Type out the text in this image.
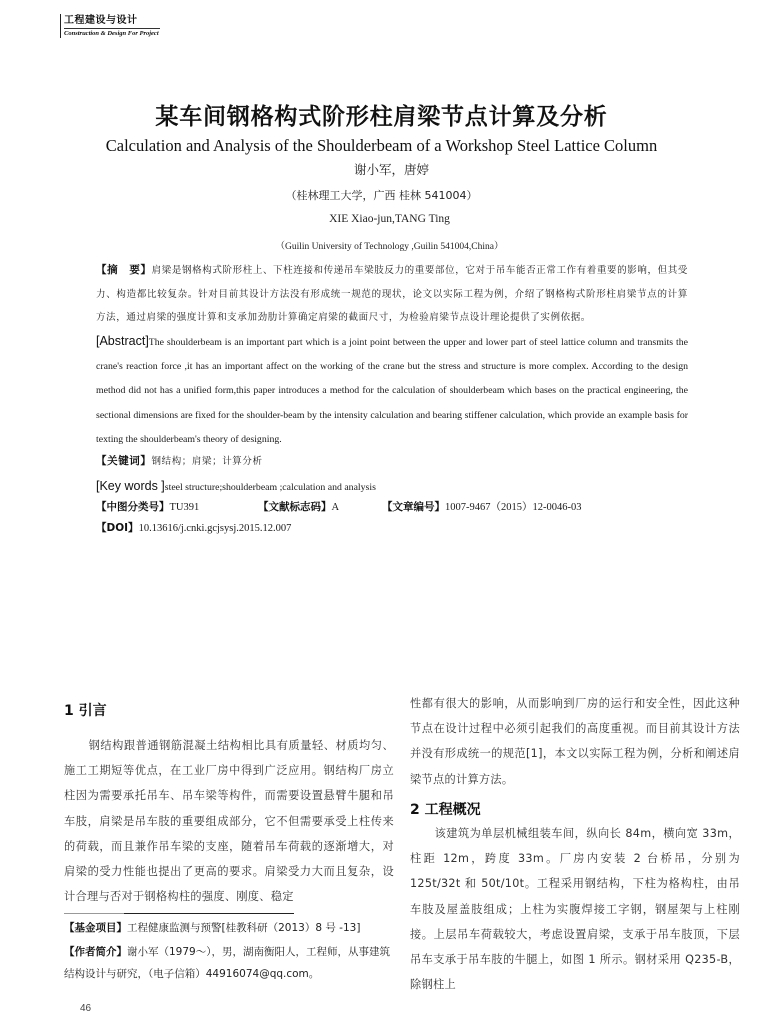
工程建设与设计
Construction & Design For Project
某车间钢格构式阶形柱肩梁节点计算及分析
Calculation and Analysis of the Shoulderbeam of a Workshop Steel Lattice Column
谢小军，唐婷
（桂林理工大学，广西 桂林 541004）
XIE Xiao-jun,TANG Ting
（Guilin University of Technology ,Guilin 541004,China）
【摘　要】肩梁是钢格构式阶形柱上、下柱连接和传递吊车梁肢反力的重要部位，它对于吊车能否正常工作有着重要的影响，但其受力、构造都比较复杂。针对目前其设计方法没有形成统一规范的现状，论文以实际工程为例，介绍了钢格构式阶形柱肩梁节点的计算方法，通过肩梁的强度计算和支承加劲肋计算确定肩梁的截面尺寸，为检验肩梁节点设计理论提供了实例依据。
[Abstract]The shoulderbeam is an important part which is a joint point between the upper and lower part of steel lattice column and transmits the crane's reaction force ,it has an important affect on the working of the crane but the stress and structure is more complex. According to the design method did not has a unified form,this paper introduces a method for the calculation of shoulderbeam which bases on the practical engineering, the sectional dimensions are fixed for the shoulder-beam by the intensity calculation and bearing stiffener calculation, which provide an example basis for texting the shoulderbeam's theory of designing.
【关键词】钢结构；肩梁；计算分析
[Key words ]steel structure;shoulderbeam ;calculation and analysis
【中图分类号】TU391	【文献标志码】A	【文章编号】1007-9467（2015）12-0046-03
【DOI】10.13616/j.cnki.gcjsysj.2015.12.007
1 引言
钢结构跟普通钢筋混凝土结构相比具有质量轻、材质均匀、施工工期短等优点，在工业厂房中得到广泛应用。钢结构厂房立柱因为需要承托吊车、吊车梁等构件，而需要设置悬臂牛腿和吊车肢，肩梁是吊车肢的重要组成部分，它不但需要承受上柱传来的荷载，而且兼作吊车梁的支座，随着吊车荷载的逐渐增大，对肩梁的受力性能也提出了更高的要求。肩梁受力大而且复杂，设计合理与否对于钢格构柱的强度、刚度、稳定
【基金项目】工程健康监测与预警[桂教科研（2013）8 号 -13]
【作者简介】谢小军（1979～），男，湖南衡阳人，工程师，从事建筑结构设计与研究，（电子信箱）44916074@qq.com。
46
性都有很大的影响，从而影响到厂房的运行和安全性，因此这种节点在设计过程中必须引起我们的高度重视。而目前其设计方法并没有形成统一的规范[1]，本文以实际工程为例，分析和阐述肩梁节点的计算方法。
2 工程概况
该建筑为单层机械组装车间，纵向长 84m，横向宽 33m，柱距 12m，跨度 33m。厂房内安装 2 台桥吊，分别为 125t/32t 和 50t/10t。工程采用钢结构，下柱为格构柱，由吊车肢及屋盖肢组成；上柱为实腹焊接工字钢，钢屋架与上柱刚接。上层吊车荷载较大，考虑设置肩梁，支承于吊车肢顶，下层吊车支承于吊车肢的牛腿上，如图 1 所示。钢材采用 Q235-B，除钢柱上
